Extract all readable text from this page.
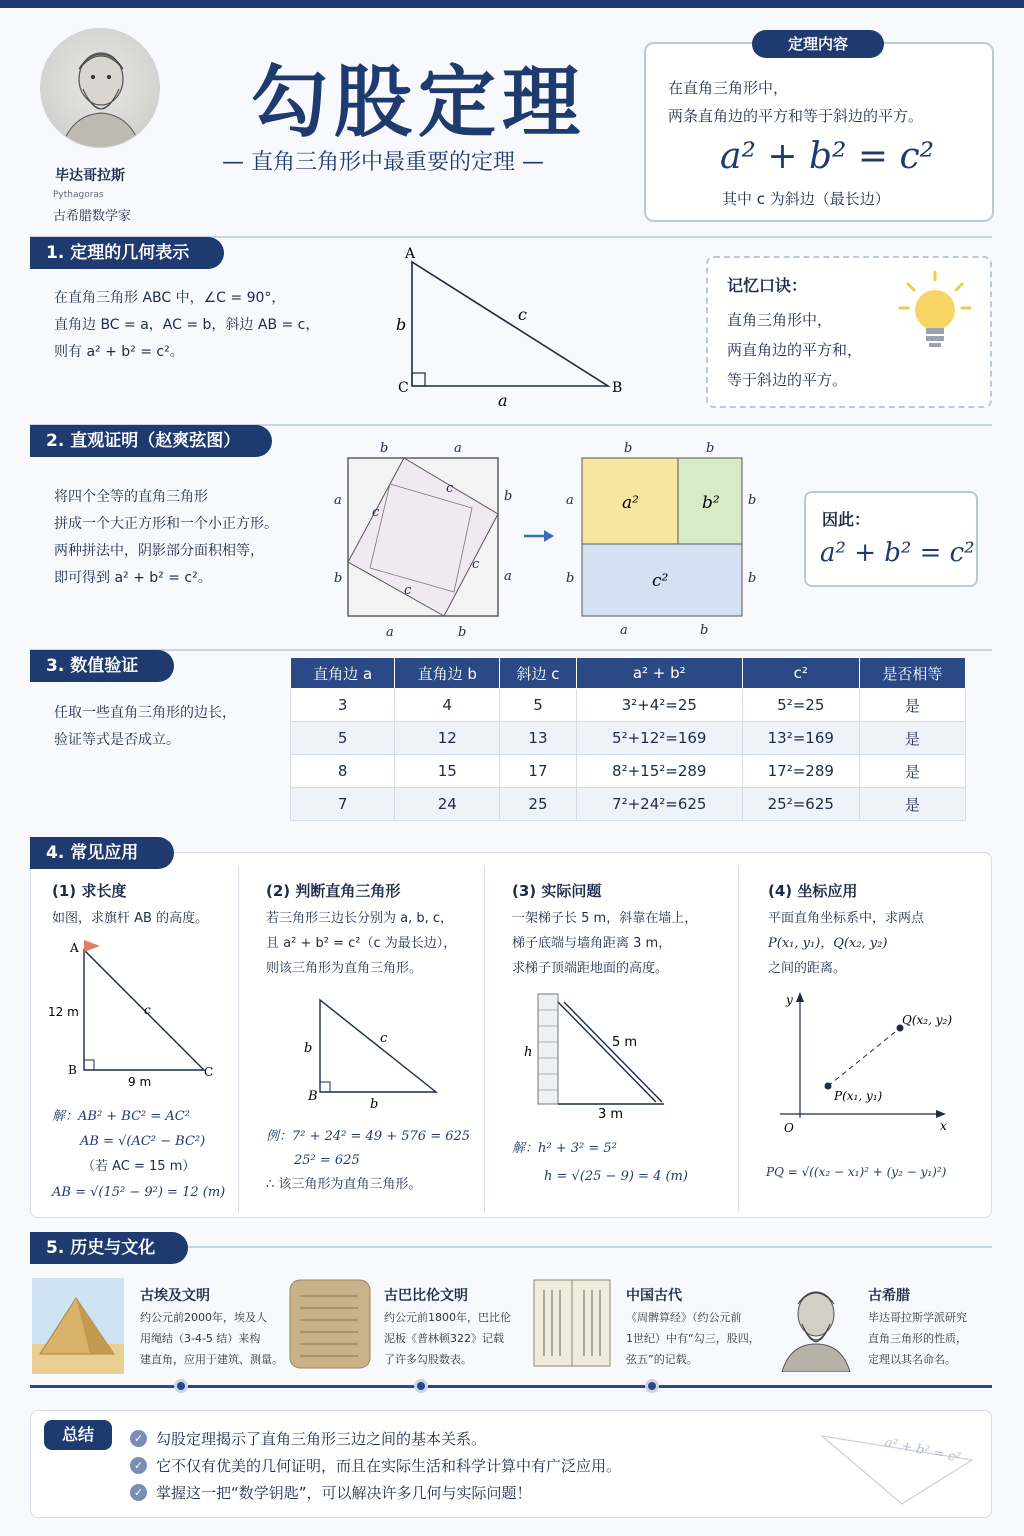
毕达哥拉斯
Pythagoras
古希腊数学家
勾股定理
— 直角三角形中最重要的定理 —
定理内容
在直角三角形中，
两条直角边的平方和等于斜边的平方。
a² + b² = c²
其中 c 为斜边（最长边）
1. 定理的几何表示
在直角三角形 ABC 中，∠C = 90°，
直角边 BC = a，AC = b，斜边 AB = c，
则有 a² + b² = c²。
A
B
C
a
b
c
记忆口诀：
直角三角形中，
两直角边的平方和，
等于斜边的平方。
2. 直观证明（赵爽弦图）
将四个全等的直角三角形
拼成一个大正方形和一个小正方形。
两种拼法中，阴影部分面积相等，
即可得到 a² + b² = c²。
b	a
a
b
b
a
a	b
c
c
c
c
a²	b²
c²
b	b
a
b
b
b
a	b
因此：
a² + b² = c²
3. 数值验证
任取一些直角三角形的边长，
验证等式是否成立。
直角边 a	直角边 b	斜边 c	a² + b²	c²	是否相等
3	4	5	3²+4²=25	5²=25	是
5	12	13	5²+12²=169	13²=169	是
8	15	17	8²+15²=289	17²=289	是
7	24	25	7²+24²=625	25²=625	是
4. 常见应用
(1) 求长度
如图，求旗杆 AB 的高度。
A
B	C
c
12 m
9 m
解：AB² + BC² = AC²
AB = √(AC² − BC²)
（若 AC = 15 m）
AB = √(15² − 9²) = 12 (m)
(2) 判断直角三角形
若三角形三边长分别为 a, b, c，
且 a² + b² = c²（c 为最长边），
则该三角形为直角三角形。
b
b
c
B
例：7² + 24² = 49 + 576 = 625
25² = 625
∴ 该三角形为直角三角形。
(3) 实际问题
一架梯子长 5 m，斜靠在墙上，
梯子底端与墙角距离 3 m，
求梯子顶端距地面的高度。
5 m
3 m
h
解：h² + 3² = 5²
h = √(25 − 9) = 4 (m)
(4) 坐标应用
平面直角坐标系中，求两点
P(x₁, y₁)，Q(x₂, y₂)
之间的距离。
P(x₁, y₁)
Q(x₂, y₂)
O	x
y
PQ = √((x₂ − x₁)² + (y₂ − y₁)²)
5. 历史与文化
古埃及文明
约公元前2000年，埃及人
用绳结（3-4-5 结）来构
建直角，应用于建筑、测量。
古巴比伦文明
约公元前1800年，巴比伦
泥板《普林顿322》记载
了许多勾股数表。
中国古代
《周髀算经》（约公元前
1世纪）中有“勾三，股四，
弦五”的记载。
古希腊
毕达哥拉斯学派研究
直角三角形的性质，
定理以其名命名。
总结	✓ 勾股定理揭示了直角三角形三边之间的基本关系。
✓ 它不仅有优美的几何证明，而且在实际生活和科学计算中有广泛应用。
✓ 掌握这一把“数学钥匙”，可以解决许多几何与实际问题！
a² + b² = c²
